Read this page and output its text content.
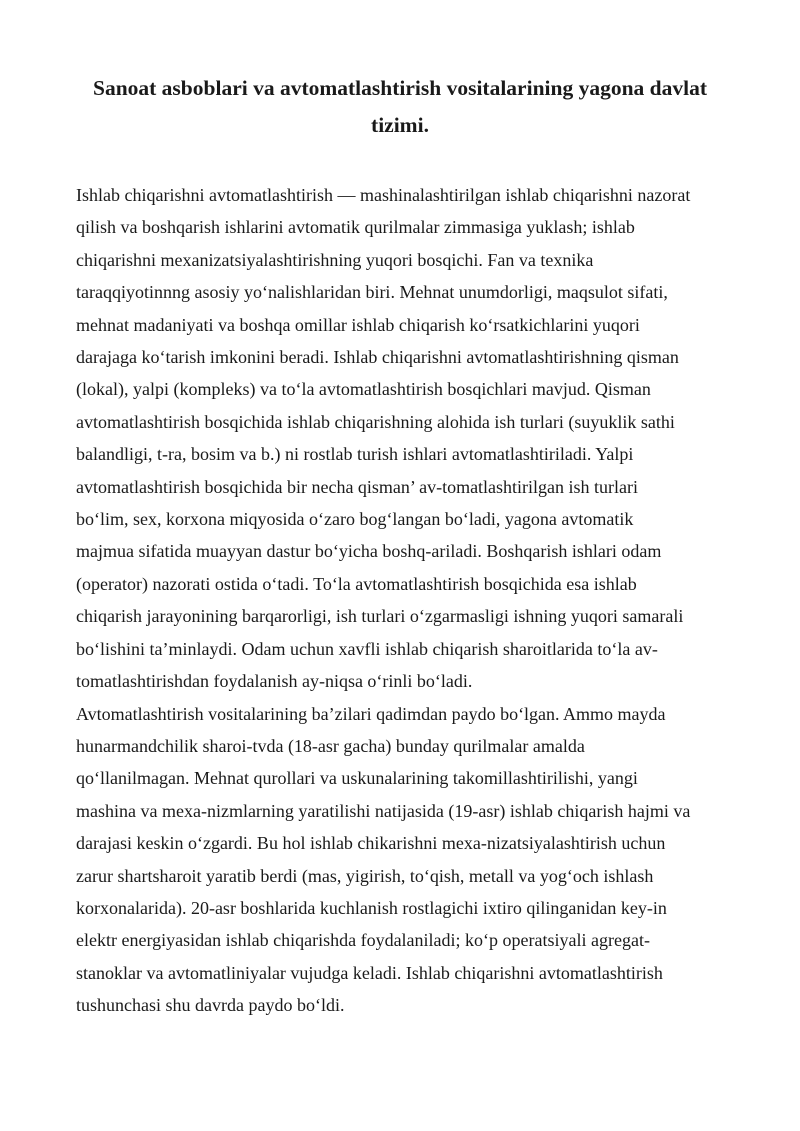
Sanoat asboblari va avtomatlashtirish vositalarining yagona davlat tizimi.

Ishlab chiqarishni avtomatlashtirish — mashinalashtirilgan ishlab chiqarishni nazorat
qilish va boshqarish ishlarini avtomatik qurilmalar zimmasiga yuklash; ishlab
chiqarishni mexanizatsiyalashtirishning yuqori bosqichi. Fan va texnika
taraqqiyotinnng asosiy yoʻnalishlaridan biri. Mehnat unumdorligi, maqsulot sifati,
mehnat madaniyati va boshqa omillar ishlab chiqarish koʻrsatkichlarini yuqori
darajaga koʻtarish imkonini beradi. Ishlab chiqarishni avtomatlashtirishning qisman
(lokal), yalpi (kompleks) va toʻla avtomatlashtirish bosqichlari mavjud. Qisman
avtomatlashtirish bosqichida ishlab chiqarishning alohida ish turlari (suyuklik sathi
balandligi, t-ra, bosim va b.) ni rostlab turish ishlari avtomatlashtiriladi. Yalpi
avtomatlashtirish bosqichida bir necha qisman’ av-tomatlashtirilgan ish turlari
boʻlim, sex, korxona miqyosida oʻzaro bogʻlangan boʻladi, yagona avtomatik
majmua sifatida muayyan dastur boʻyicha boshq-ariladi. Boshqarish ishlari odam
(operator) nazorati ostida oʻtadi. Toʻla avtomatlashtirish bosqichida esa ishlab
chiqarish jarayonining barqarorligi, ish turlari oʻzgarmasligi ishning yuqori samarali
boʻlishini taʼminlaydi. Odam uchun xavfli ishlab chiqarish sharoitlarida toʻla av-
tomatlashtirishdan foydalanish ay-niqsa oʻrinli boʻladi.

Avtomatlashtirish vositalarining baʼzilari qadimdan paydo boʻlgan. Ammo mayda
hunarmandchilik sharoi-tvda (18-asr gacha) bunday qurilmalar amalda
qoʻllanilmagan. Mehnat qurollari va uskunalarining takomillashtirilishi, yangi
mashina va mexa-nizmlarning yaratilishi natijasida (19-asr) ishlab chiqarish hajmi va
darajasi keskin oʻzgardi. Bu hol ishlab chikarishni mexa-nizatsiyalashtirish uchun
zarur shartsharoit yaratib berdi (mas, yigirish, toʻqish, metall va yogʻoch ishlash
korxonalarida). 20-asr boshlarida kuchlanish rostlagichi ixtiro qilinganidan key-in
elektr energiyasidan ishlab chiqarishda foydalaniladi; koʻp operatsiyali agregat-
stanoklar va avtomatliniyalar vujudga keladi. Ishlab chiqarishni avtomatlashtirish
tushunchasi shu davrda paydo boʻldi.
